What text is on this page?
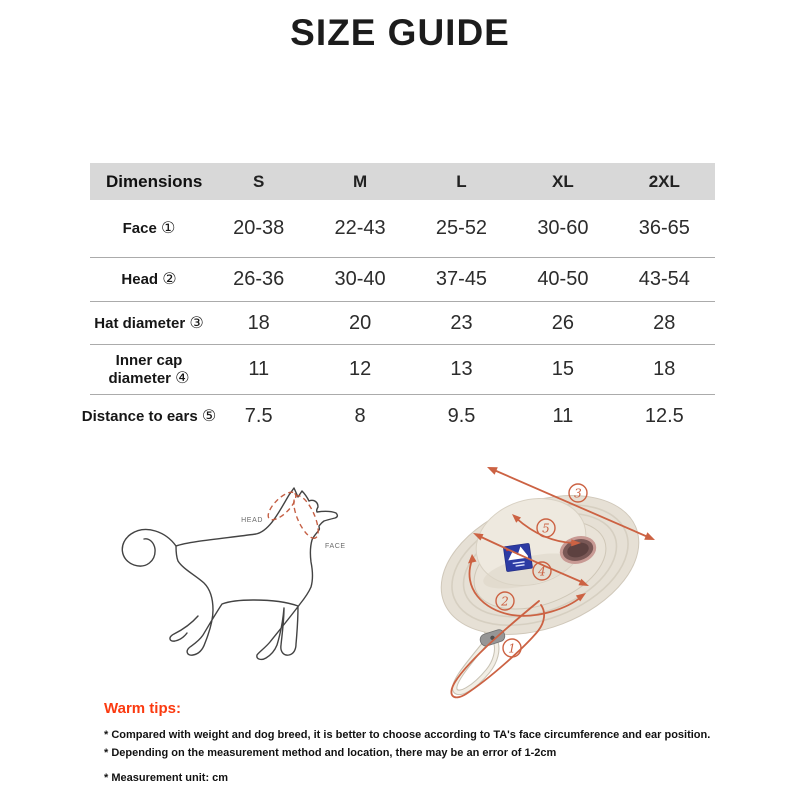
SIZE GUIDE
Dimensions	S	M	L	XL	2XL
Face ①	20-38	22-43	25-52	30-60	36-65
Head ②	26-36	30-40	37-45	40-50	43-54
Hat diameter ③	18	20	23	26	28
Inner cap diameter ④	11	12	13	15	18
Distance to ears ⑤	7.5	8	9.5	11	12.5
HEAD
FACE
3
5
4
2
1
Warm tips:

* Compared with weight and dog breed, it is better to choose according to TA's face circumference and ear position. * Depending on the measurement method and location, there may be an error of 1-2cm

* Measurement unit: cm
